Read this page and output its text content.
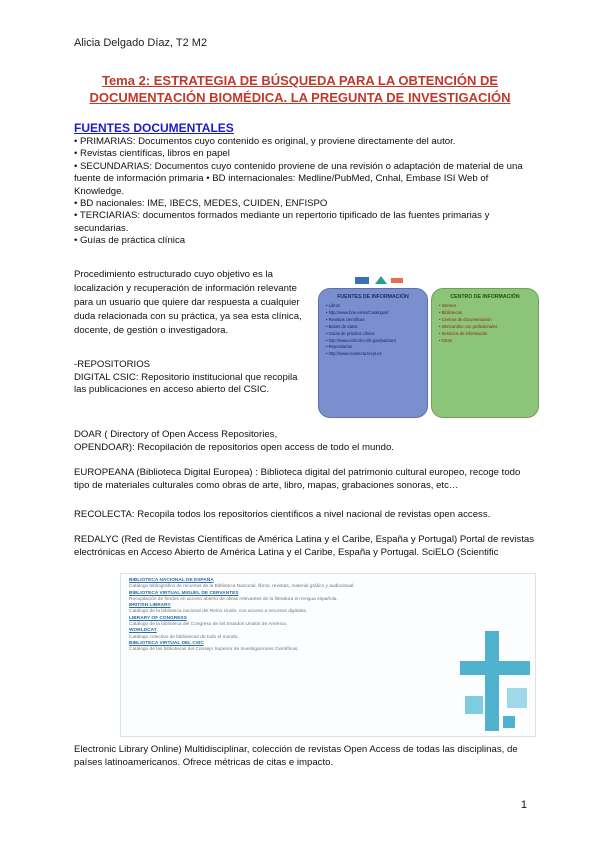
Alicia Delgado Díaz, T2 M2
Tema 2: ESTRATEGIA DE BÚSQUEDA PARA LA OBTENCIÓN DE
DOCUMENTACIÓN BIOMÉDICA. LA PREGUNTA DE INVESTIGACIÓN
FUENTES DOCUMENTALES

• PRIMARIAS: Documentos cuyo contenido es original, y proviene directamente del autor.

• Revistas científicas, libros en papel

• SECUNDARIAS: Documentos cuyo contenido proviene de una revisión o adaptación de material de una fuente de información primaria • BD internacionales: Medline/PubMed, Cnhal, Embase ISI Web of Knowledge.

• BD nacionales: IME, IBECS, MEDES, CUIDEN, ENFISPO

• TERCIARIAS: documentos formados mediante un repertorio tipificado de las fuentes primarias y secundarias.

• Guías de práctica clínica

Procedimiento estructurado cuyo objetivo es la localización y recuperación de información relevante para un usuario que quiere dar respuesta a cualquier duda relacionada con su práctica, ya sea esta clínica, docente, de gestión o investigadora.

-REPOSITORIOS

DIGITAL CSIC: Repositorio institucional que recopila las publicaciones en acceso abierto del CSIC.

FUENTES DE INFORMACIÓN
• Libros
• http://www.bne.es/es/Catalogos/
• Revistas científicas
• Bases de datos
• Guías de práctica clínica
• http://www.ncbi.nlm.nih.gov/pubmed
• Repositorios
• http://www.recolecta.fecyt.es
CENTRO DE INFORMACIÓN
• Internet
• Bibliotecas
• Centros de documentación
• Intercambio con profesionales
• Servicios de información
• Otros
DOAR ( Directory of Open Access Repositories,
OPENDOAR): Recopilación de repositorios open access de todo el mundo.

EUROPEANA (Biblioteca Digital Europea) : Biblioteca digital del patrimonio cultural europeo, recoge todo tipo de materiales culturales como obras de arte, libro, mapas, grabaciones sonoras, etc…

RECOLECTA: Recopila todos los repositorios científicos a nivel nacional de revistas open access.

REDALYC (Red de Revistas Científicas de América Latina y el Caribe, España y Portugal) Portal de revistas electrónicas en Acceso Abierto de América Latina y el Caribe, España y Portugal. SciELO (Scientific

BIBLIOTECA NACIONAL DE ESPAÑA
Catálogo bibliográfico de recursos de la Biblioteca Nacional, libros, revistas, material gráfico y audiovisual.
BIBLIOTECA VIRTUAL MIGUEL DE CERVANTES
Recopilación de fondos en acceso abierto de obras relevantes de la literatura en lengua española.
BRITISH LIBRARY
Catálogo de la biblioteca nacional del Reino Unido, con acceso a recursos digitales.
LIBRARY OF CONGRESS
Catálogo de la biblioteca del Congreso de los Estados Unidos de América.
WORLDCAT
Catálogo colectivo de bibliotecas de todo el mundo.
BIBLIOTECA VIRTUAL DEL CSIC
Catálogo de las bibliotecas del Consejo Superior de Investigaciones Científicas.

Electronic Library Online) Multidisciplinar, colección de revistas Open Access de todas las disciplinas, de países latinoamericanos. Ofrece métricas de citas e impacto.

1
